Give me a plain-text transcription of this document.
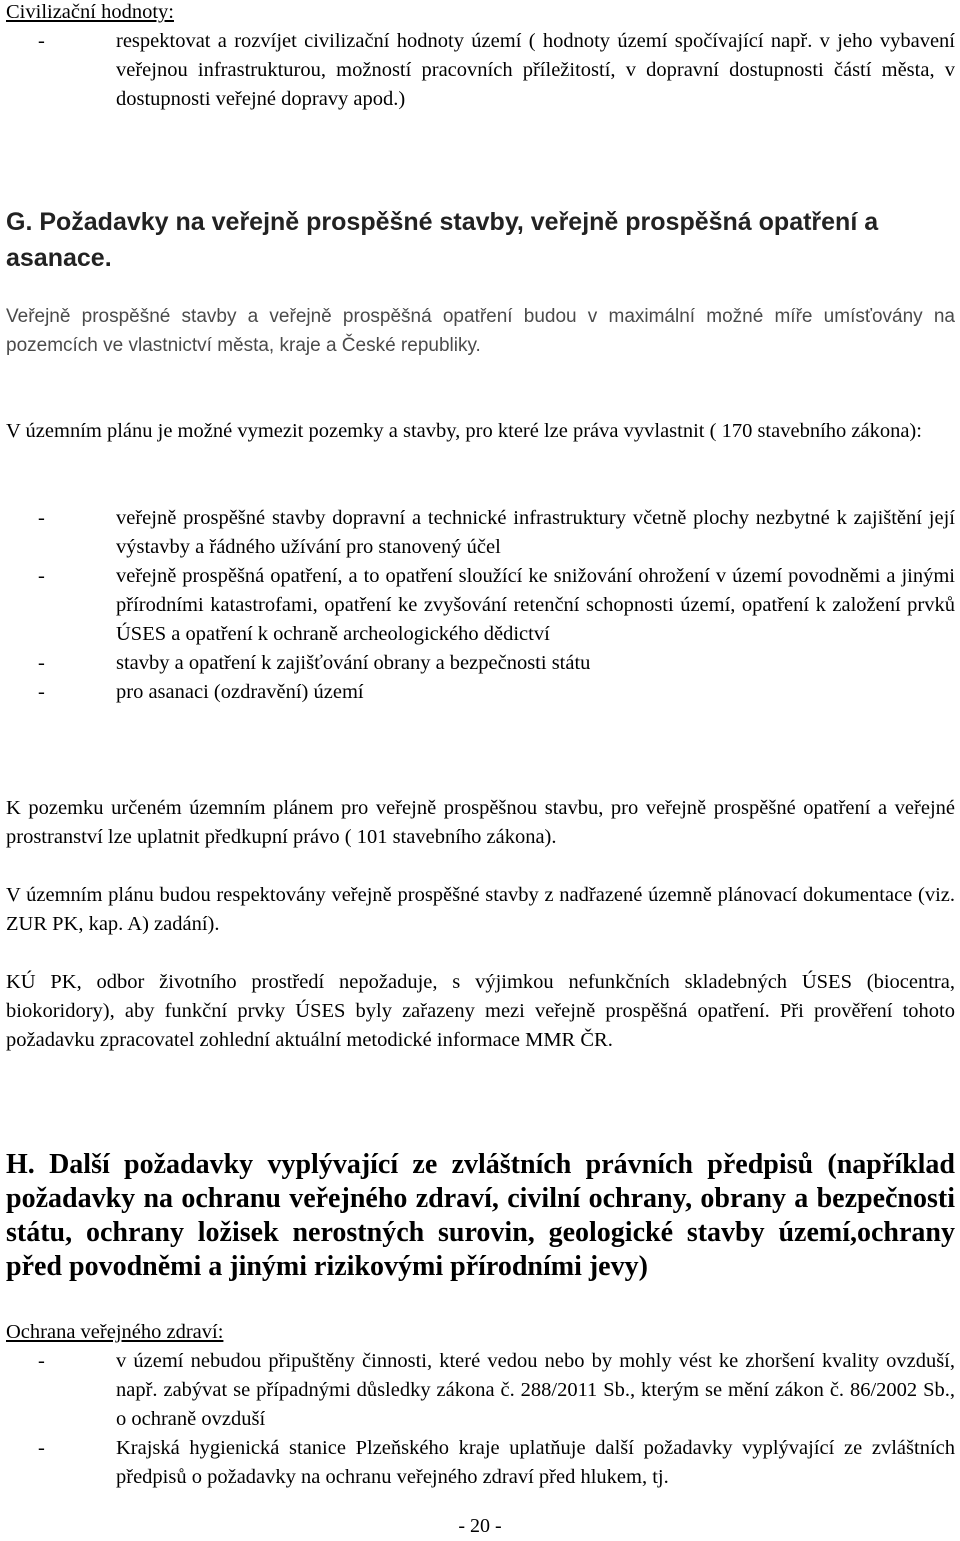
Civilizační hodnoty:
-	respektovat a rozvíjet civilizační hodnoty území ( hodnoty území spočívající např. v jeho vybavení veřejnou infrastrukturou, možností pracovních příležitostí, v dopravní dostupnosti částí města, v dostupnosti veřejné dopravy apod.)
G. Požadavky na veřejně prospěšné stavby, veřejně prospěšná opatření a asanace.

Veřejně prospěšné stavby a veřejně prospěšná opatření budou v maximální možné míře umísťovány na pozemcích ve vlastnictví města, kraje a České republiky.

V územním plánu je možné vymezit pozemky a stavby, pro které lze práva vyvlastnit ( 170 stavebního zákona):

-	veřejně prospěšné stavby dopravní a technické infrastruktury včetně plochy nezbytné k zajištění její výstavby a řádného užívání pro stanovený účel
-	veřejně prospěšná opatření, a to opatření sloužící ke snižování ohrožení v území povodněmi a jinými přírodními katastrofami, opatření ke zvyšování retenční schopnosti území, opatření k založení prvků ÚSES a opatření k ochraně archeologického dědictví
-	stavby a opatření k zajišťování obrany a bezpečnosti státu
-	pro asanaci (ozdravění) území

K pozemku určeném územním plánem pro veřejně prospěšnou stavbu, pro veřejně prospěšné opatření a veřejné prostranství lze uplatnit předkupní právo ( 101 stavebního zákona).

V územním plánu budou respektovány veřejně prospěšné stavby z nadřazené územně plánovací dokumentace (viz. ZUR PK, kap. A) zadání).

KÚ PK, odbor životního prostředí nepožaduje, s výjimkou nefunkčních skladebných ÚSES (biocentra, biokoridory), aby funkční prvky ÚSES byly zařazeny mezi veřejně prospěšná opatření. Při prověření tohoto požadavku zpracovatel zohlední aktuální metodické informace MMR ČR.

H. Další požadavky vyplývající ze zvláštních právních předpisů (například požadavky na ochranu veřejného zdraví, civilní ochrany, obrany a bezpečnosti státu, ochrany ložisek nerostných surovin, geologické stavby území,ochrany před povodněmi a jinými rizikovými přírodními jevy)
Ochrana veřejného zdraví:
-	v území nebudou připuštěny činnosti, které vedou nebo by mohly vést ke zhoršení kvality ovzduší, např. zabývat se případnými důsledky zákona č. 288/2011 Sb., kterým se mění zákon č. 86/2002 Sb., o ochraně ovzduší
-	Krajská hygienická stanice Plzeňského kraje uplatňuje další požadavky vyplývající ze zvláštních předpisů o požadavky na ochranu veřejného zdraví před hlukem, tj.
- 20 -
